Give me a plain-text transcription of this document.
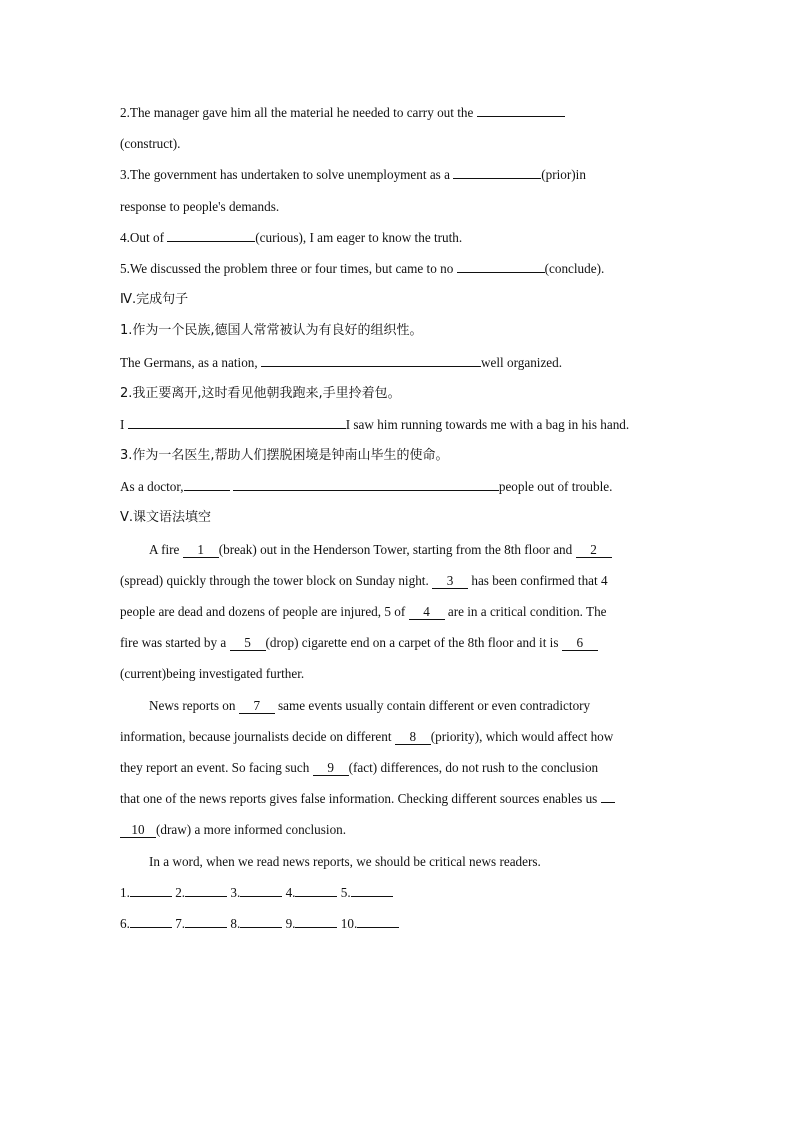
2.The manager gave him all the material he needed to carry out the
(construct).
3.The government has undertaken to solve unemployment as a	(prior)in
response to people's demands.
4.Out of	(curious), I am eager to know the truth.
5.We discussed the problem three or four times, but came to no	(conclude).
Ⅳ.完成句子
1.作为一个民族,德国人常常被认为有良好的组织性。
The Germans, as a nation,	well organized.
2.我正要离开,这时看见他朝我跑来,手里拎着包。
I	I saw him running towards me with a bag in his hand.
3.作为一名医生,帮助人们摆脱困境是钟南山毕生的使命。
As a doctor,	people out of trouble.
Ⅴ.课文语法填空
A fire 1 (break) out in the Henderson Tower, starting from the 8th floor and 2
(spread) quickly through the tower block on Sunday night. 3 has been confirmed that 4
people are dead and dozens of people are injured, 5 of 4 are in a critical condition. The
fire was started by a 5 (drop) cigarette end on a carpet of the 8th floor and it is 6
(current)being investigated further.
News reports on 7 same events usually contain different or even contradictory
information, because journalists decide on different 8 (priority), which would affect how
they report an event. So facing such 9 (fact) differences, do not rush to the conclusion
that one of the news reports gives false information. Checking different sources enables us
10 (draw) a more informed conclusion.
In a word, when we read news reports, we should be critical news readers.
1.	2.	3.	4.	5.
6.	7.	8.	9.	10.
